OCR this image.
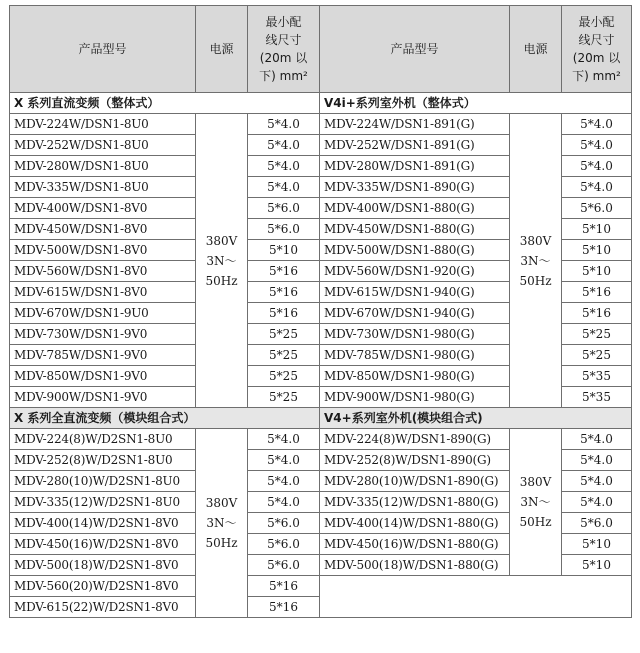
产品型号	电源	最小配
线尺寸
(20m 以
下) mm²	产品型号	电源	最小配
线尺寸
(20m 以
下) mm²

X 系列直流变频（整体式）			V4i+系列室外机（整体式）		
MDV-224W/DSN1-8U0	380V
3N～
50Hz	5*4.0	MDV-224W/DSN1-891(G)	380V
3N～
50Hz	5*4.0
MDV-252W/DSN1-8U0		5*4.0	MDV-252W/DSN1-891(G)		5*4.0
MDV-280W/DSN1-8U0		5*4.0	MDV-280W/DSN1-891(G)		5*4.0
MDV-335W/DSN1-8U0		5*4.0	MDV-335W/DSN1-890(G)		5*4.0
MDV-400W/DSN1-8V0		5*6.0	MDV-400W/DSN1-880(G)		5*6.0
MDV-450W/DSN1-8V0		5*6.0	MDV-450W/DSN1-880(G)		5*10
MDV-500W/DSN1-8V0		5*10	MDV-500W/DSN1-880(G)		5*10
MDV-560W/DSN1-8V0		5*16	MDV-560W/DSN1-920(G)		5*10
MDV-615W/DSN1-8V0		5*16	MDV-615W/DSN1-940(G)		5*16
MDV-670W/DSN1-9U0		5*16	MDV-670W/DSN1-940(G)		5*16
MDV-730W/DSN1-9V0		5*25	MDV-730W/DSN1-980(G)		5*25
MDV-785W/DSN1-9V0		5*25	MDV-785W/DSN1-980(G)		5*25
MDV-850W/DSN1-9V0		5*25	MDV-850W/DSN1-980(G)		5*35
MDV-900W/DSN1-9V0		5*25	MDV-900W/DSN1-980(G)		5*35
X 系列全直流变频（模块组合式）			V4+系列室外机(模块组合式)		
MDV-224(8)W/D2SN1-8U0	380V
3N～
50Hz	5*4.0	MDV-224(8)W/DSN1-890(G)	380V
3N～
50Hz	5*4.0
MDV-252(8)W/D2SN1-8U0		5*4.0	MDV-252(8)W/DSN1-890(G)		5*4.0
MDV-280(10)W/D2SN1-8U0		5*4.0	MDV-280(10)W/DSN1-890(G)		5*4.0
MDV-335(12)W/D2SN1-8U0		5*4.0	MDV-335(12)W/DSN1-880(G)		5*4.0
MDV-400(14)W/D2SN1-8V0		5*6.0	MDV-400(14)W/DSN1-880(G)		5*6.0
MDV-450(16)W/D2SN1-8V0		5*6.0	MDV-450(16)W/DSN1-880(G)		5*10
MDV-500(18)W/D2SN1-8V0		5*6.0	MDV-500(18)W/DSN1-880(G)		5*10
MDV-560(20)W/D2SN1-8V0		5*16			
MDV-615(22)W/D2SN1-8V0		5*16			
